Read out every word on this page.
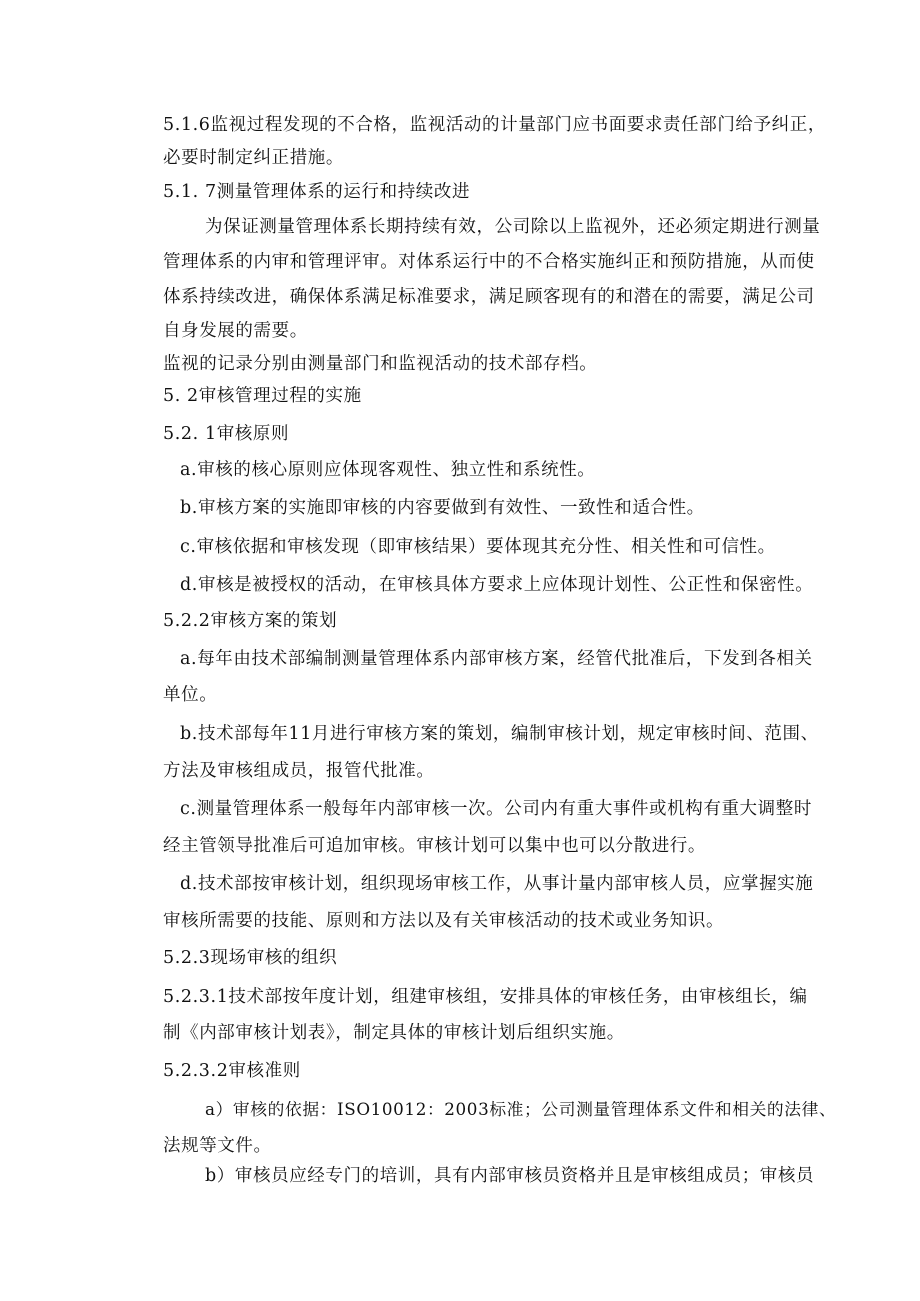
5.1.6监视过程发现的不合格，监视活动的计量部门应书面要求责任部门给予纠正，
必要时制定纠正措施。
5.1. 7测量管理体系的运行和持续改进
为保证测量管理体系长期持续有效，公司除以上监视外，还必须定期进行测量
管理体系的内审和管理评审。对体系运行中的不合格实施纠正和预防措施，从而使
体系持续改进，确保体系满足标准要求，满足顾客现有的和潜在的需要，满足公司
自身发展的需要。
监视的记录分别由测量部门和监视活动的技术部存档。
5. 2审核管理过程的实施
5.2. 1审核原则
a.审核的核心原则应体现客观性、独立性和系统性。
b.审核方案的实施即审核的内容要做到有效性、一致性和适合性。
c.审核依据和审核发现（即审核结果）要体现其充分性、相关性和可信性。
d.审核是被授权的活动，在审核具体方要求上应体现计划性、公正性和保密性。
5.2.2审核方案的策划
a.每年由技术部编制测量管理体系内部审核方案，经管代批准后，下发到各相关
单位。
b.技术部每年11月进行审核方案的策划，编制审核计划，规定审核时间、范围、
方法及审核组成员，报管代批准。
c.测量管理体系一般每年内部审核一次。公司内有重大事件或机构有重大调整时
经主管领导批准后可追加审核。审核计划可以集中也可以分散进行。
d.技术部按审核计划，组织现场审核工作，从事计量内部审核人员，应掌握实施
审核所需要的技能、原则和方法以及有关审核活动的技术或业务知识。
5.2.3现场审核的组织
5.2.3.1技术部按年度计划，组建审核组，安排具体的审核任务，由审核组长，编
制《内部审核计划表》，制定具体的审核计划后组织实施。
5.2.3.2审核准则
a）审核的依据：ISO10012：2003标准；公司测量管理体系文件和相关的法律、
法规等文件。
b）审核员应经专门的培训，具有内部审核员资格并且是审核组成员；审核员
